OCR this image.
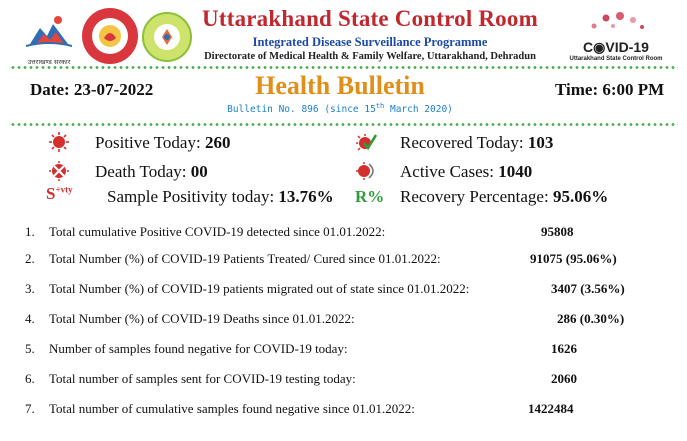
उत्तराखण्ड सरकार
Uttarakhand State Control Room
Integrated Disease Surveillance Programme
Directorate of Medical Health & Family Welfare, Uttarakhand, Dehradun
C◉VID-19
Uttarakhand State Control Room
Date: 23-07-2022	Health Bulletin
Bulletin No. 896 (since 15th March 2020)
Time: 6:00 PM
Positive Today: 260	Recovered Today: 103
Death Today: 00	Active Cases: 1040
$S^{+vty}$ Sample Positivity today: 13.76% R% Recovery Percentage: 95.06%
1. Total cumulative Positive COVID-19 detected since 01.01.2022:	95808
2. Total Number (%) of COVID-19 Patients Treated/ Cured since 01.01.2022:	91075 (95.06%)
3. Total Number (%) of COVID-19 patients migrated out of state since 01.01.2022:	3407 (3.56%)
4. Total Number (%) of COVID-19 Deaths since 01.01.2022:	286 (0.30%)
5. Number of samples found negative for COVID-19 today:	1626
6. Total number of samples sent for COVID-19 testing today:	2060
7. Total number of cumulative samples found negative since 01.01.2022:	1422484
